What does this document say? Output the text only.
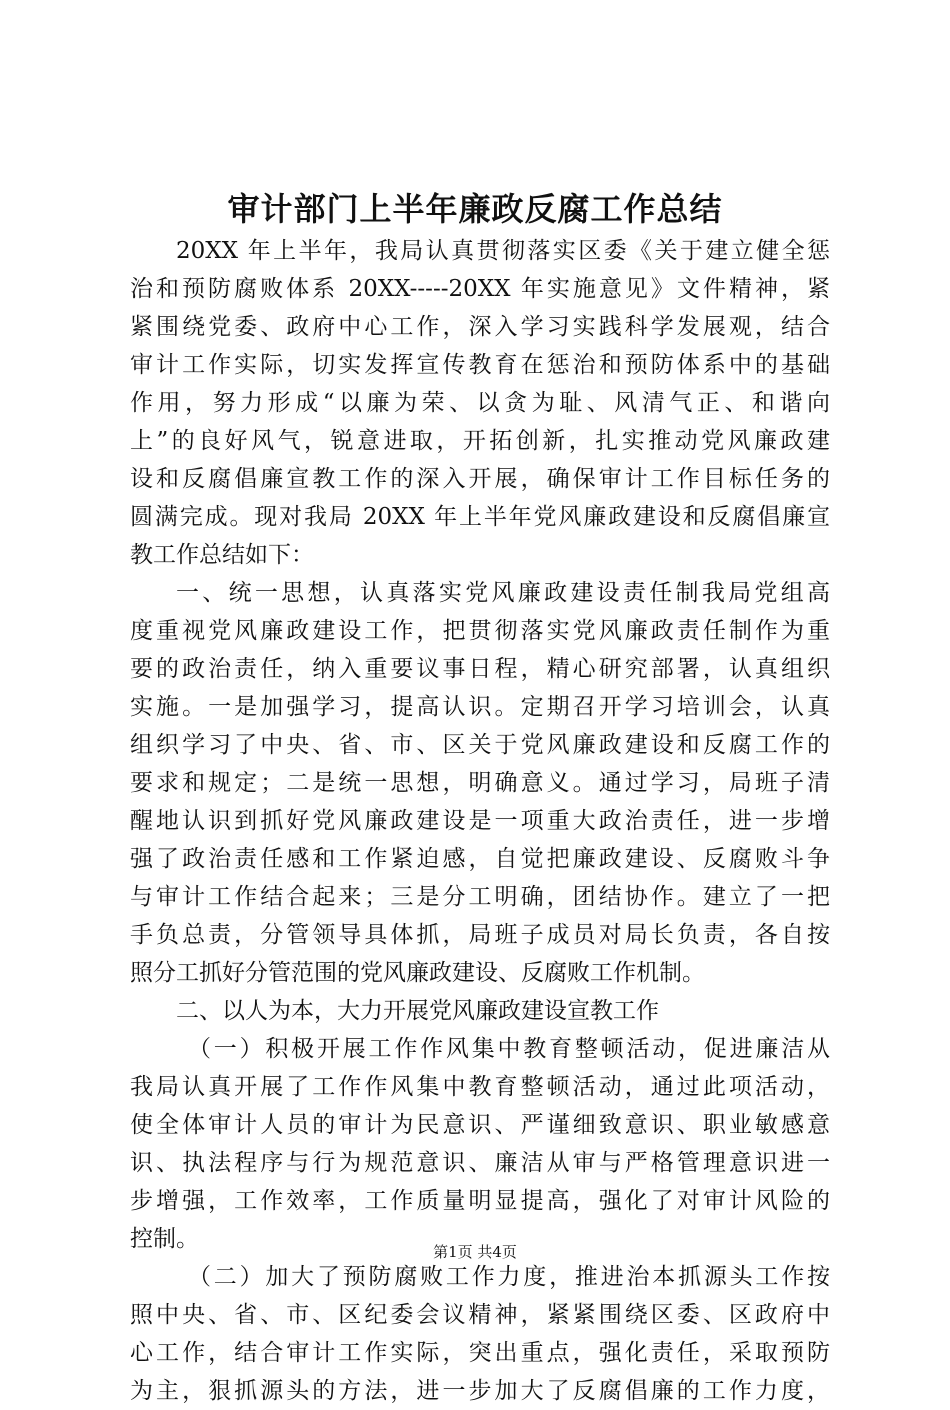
审计部门上半年廉政反腐工作总结
20XX 年上半年，我局认真贯彻落实区委《关于建立健全惩
治和预防腐败体系 20XX-----20XX 年实施意见》文件精神，紧
紧围绕党委、政府中心工作，深入学习实践科学发展观，结合
审计工作实际，切实发挥宣传教育在惩治和预防体系中的基础
作用，努力形成“以廉为荣、以贪为耻、风清气正、和谐向
上”的良好风气，锐意进取，开拓创新，扎实推动党风廉政建
设和反腐倡廉宣教工作的深入开展，确保审计工作目标任务的
圆满完成。现对我局 20XX 年上半年党风廉政建设和反腐倡廉宣
教工作总结如下：
一、统一思想，认真落实党风廉政建设责任制我局党组高
度重视党风廉政建设工作，把贯彻落实党风廉政责任制作为重
要的政治责任，纳入重要议事日程，精心研究部署，认真组织
实施。一是加强学习，提高认识。定期召开学习培训会，认真
组织学习了中央、省、市、区关于党风廉政建设和反腐工作的
要求和规定；二是统一思想，明确意义。通过学习，局班子清
醒地认识到抓好党风廉政建设是一项重大政治责任，进一步增
强了政治责任感和工作紧迫感，自觉把廉政建设、反腐败斗争
与审计工作结合起来；三是分工明确，团结协作。建立了一把
手负总责，分管领导具体抓，局班子成员对局长负责，各自按
照分工抓好分管范围的党风廉政建设、反腐败工作机制。
二、以人为本，大力开展党风廉政建设宣教工作
（一）积极开展工作作风集中教育整顿活动，促进廉洁从
我局认真开展了工作作风集中教育整顿活动，通过此项活动，
使全体审计人员的审计为民意识、严谨细致意识、职业敏感意
识、执法程序与行为规范意识、廉洁从审与严格管理意识进一
步增强，工作效率，工作质量明显提高，强化了对审计风险的
控制。
（二）加大了预防腐败工作力度，推进治本抓源头工作按
照中央、省、市、区纪委会议精神，紧紧围绕区委、区政府中
心工作，结合审计工作实际，突出重点，强化责任，采取预防
为主，狠抓源头的方法，进一步加大了反腐倡廉的工作力度，
第1页 共4页
